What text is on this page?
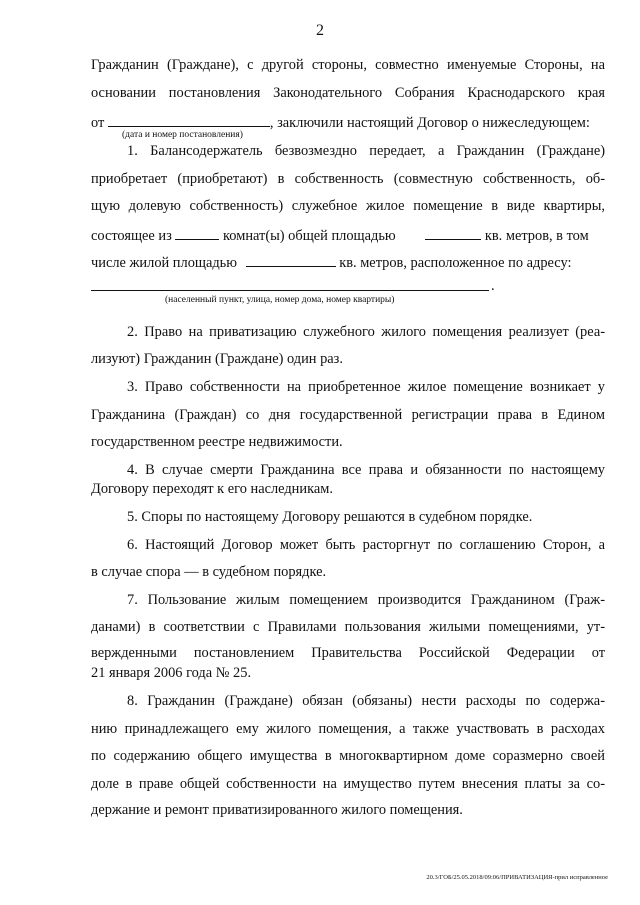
2
Гражданин (Граждане), с другой стороны, совместно именуемые Стороны, на
основании постановления Законодательного Собрания Краснодарского края
от	, заключили настоящий Договор о нижеследующем:
(дата и номер постановления)
1. Балансодержатель безвозмездно передает, а Гражданин (Граждане)
приобретает (приобретают) в собственность (совместную собственность, об-
щую долевую собственность) служебное жилое помещение в виде квартиры,
состоящее из	комнат(ы) общей площадью	кв. метров, в том
числе жилой площадью	кв. метров, расположенное по адресу:
.
(населенный пункт, улица, номер дома, номер квартиры)
2. Право на приватизацию служебного жилого помещения реализует (реа-
лизуют) Гражданин (Граждане) один раз.
3. Право собственности на приобретенное жилое помещение возникает у
Гражданина (Граждан) со дня государственной регистрации права в Едином
государственном реестре недвижимости.
4. В случае смерти Гражданина все права и обязанности по настоящему
Договору переходят к его наследникам.
5. Споры по настоящему Договору решаются в судебном порядке.
6. Настоящий Договор может быть расторгнут по соглашению Сторон, а
в случае спора — в судебном порядке.
7. Пользование жилым помещением производится Гражданином (Граж-
данами) в соответствии с Правилами пользования жилыми помещениями, ут-
вержденными постановлением Правительства Российской Федерации от
21 января 2006 года № 25.
8. Гражданин (Граждане) обязан (обязаны) нести расходы по содержа-
нию принадлежащего ему жилого помещения, а также участвовать в расходах
по содержанию общего имущества в многоквартирном доме соразмерно своей
доле в праве общей собственности на имущество путем внесения платы за со-
держание и ремонт приватизированного жилого помещения.
20.3/ГОБ/25.05.2018/09:06/ПРИВАТИЗАЦИЯ-прил исправленное
